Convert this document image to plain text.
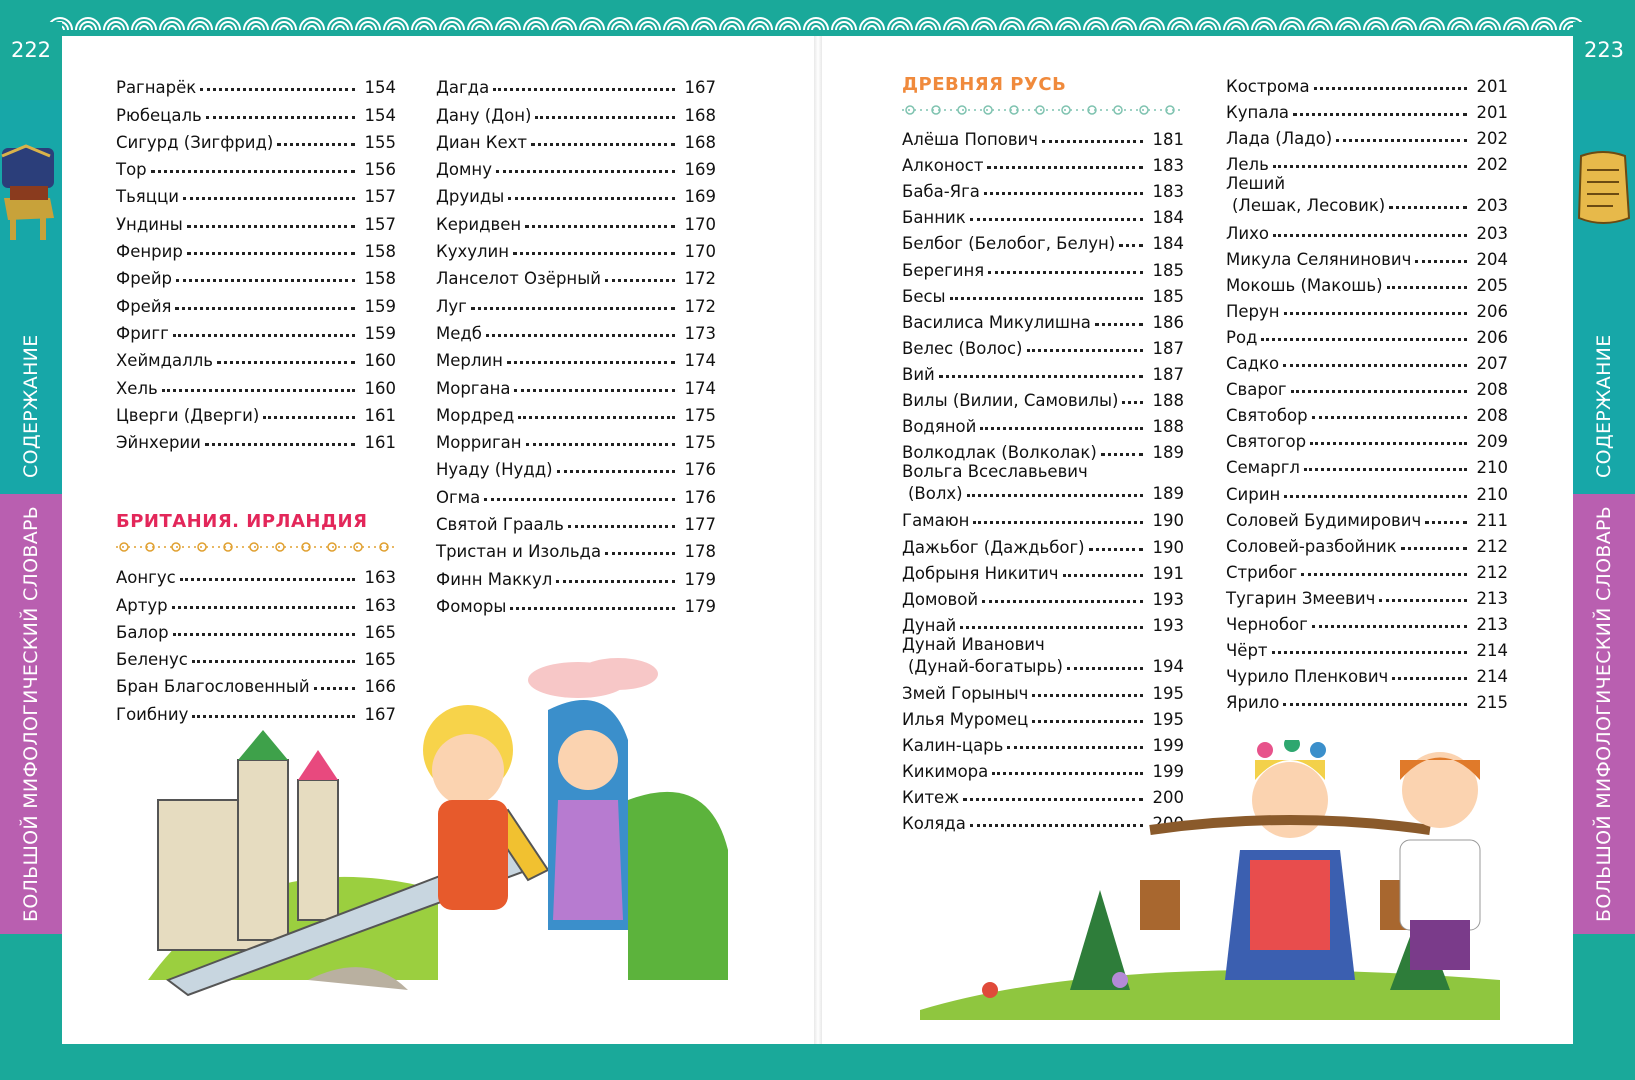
222
СОДЕРЖАНИЕ
БОЛЬШОЙ МИФОЛОГИЧЕСКИЙ СЛОВАРЬ
223
СОДЕРЖАНИЕ
БОЛЬШОЙ МИФОЛОГИЧЕСКИЙ СЛОВАРЬ
Рагнарёк	154
Рюбецаль	154
Сигурд (Зигфрид)	155
Тор	156
Тьяцци	157
Ундины	157
Фенрир	158
Фрейр	158
Фрейя	159
Фригг	159
Хеймдалль	160
Хель	160
Цверги (Дверги)	161
Эйнхерии	161
БРИТАНИЯ. ИРЛАНДИЯ
Аонгус	163
Артур	163
Балор	165
Беленус	165
Бран Благословенный	166
Гоибниу	167
Дагда	167
Дану (Дон)	168
Диан Кехт	168
Домну	169
Друиды	169
Керидвен	170
Кухулин	170
Ланселот Озёрный	172
Луг	172
Медб	173
Мерлин	174
Моргана	174
Мордред	175
Морриган	175
Нуаду (Нудд)	176
Огма	176
Святой Грааль	177
Тристан и Изольда	178
Финн Маккул	179
Фоморы	179
ДРЕВНЯЯ РУСЬ
Алёша Попович	181
Алконост	183
Баба-Яга	183
Банник	184
Белбог (Белобог, Белун) 184
Берегиня	185
Бесы	185
Василиса Микулишна	186
Велес (Волос)	187
Вий	187
Вилы (Вилии, Самовилы) 188
Водяной	188
Волкодлак (Волколак)	189
Вольга Всеславьевич
(Волх)	189
Гамаюн	190
Дажьбог (Даждьбог)	190
Добрыня Никитич	191
Домовой	193
Дунай	193
Дунай Иванович
(Дунай-богатырь)	194
Змей Горыныч	195
Илья Муромец	195
Калин-царь	199
Кикимора	199
Китеж	200
Коляда	200
Кострома	201
Купала	201
Лада (Ладо)	202
Лель	202
Леший
(Лешак, Лесовик)	203
Лихо	203
Микула Селянинович	204
Мокошь (Макошь)	205
Перун	206
Род	206
Садко	207
Сварог	208
Святобор	208
Святогор	209
Семаргл	210
Сирин	210
Соловей Будимирович	211
Соловей-разбойник	212
Стрибог	212
Тугарин Змеевич	213
Чернобог	213
Чёрт	214
Чурило Пленкович	214
Ярило	215
